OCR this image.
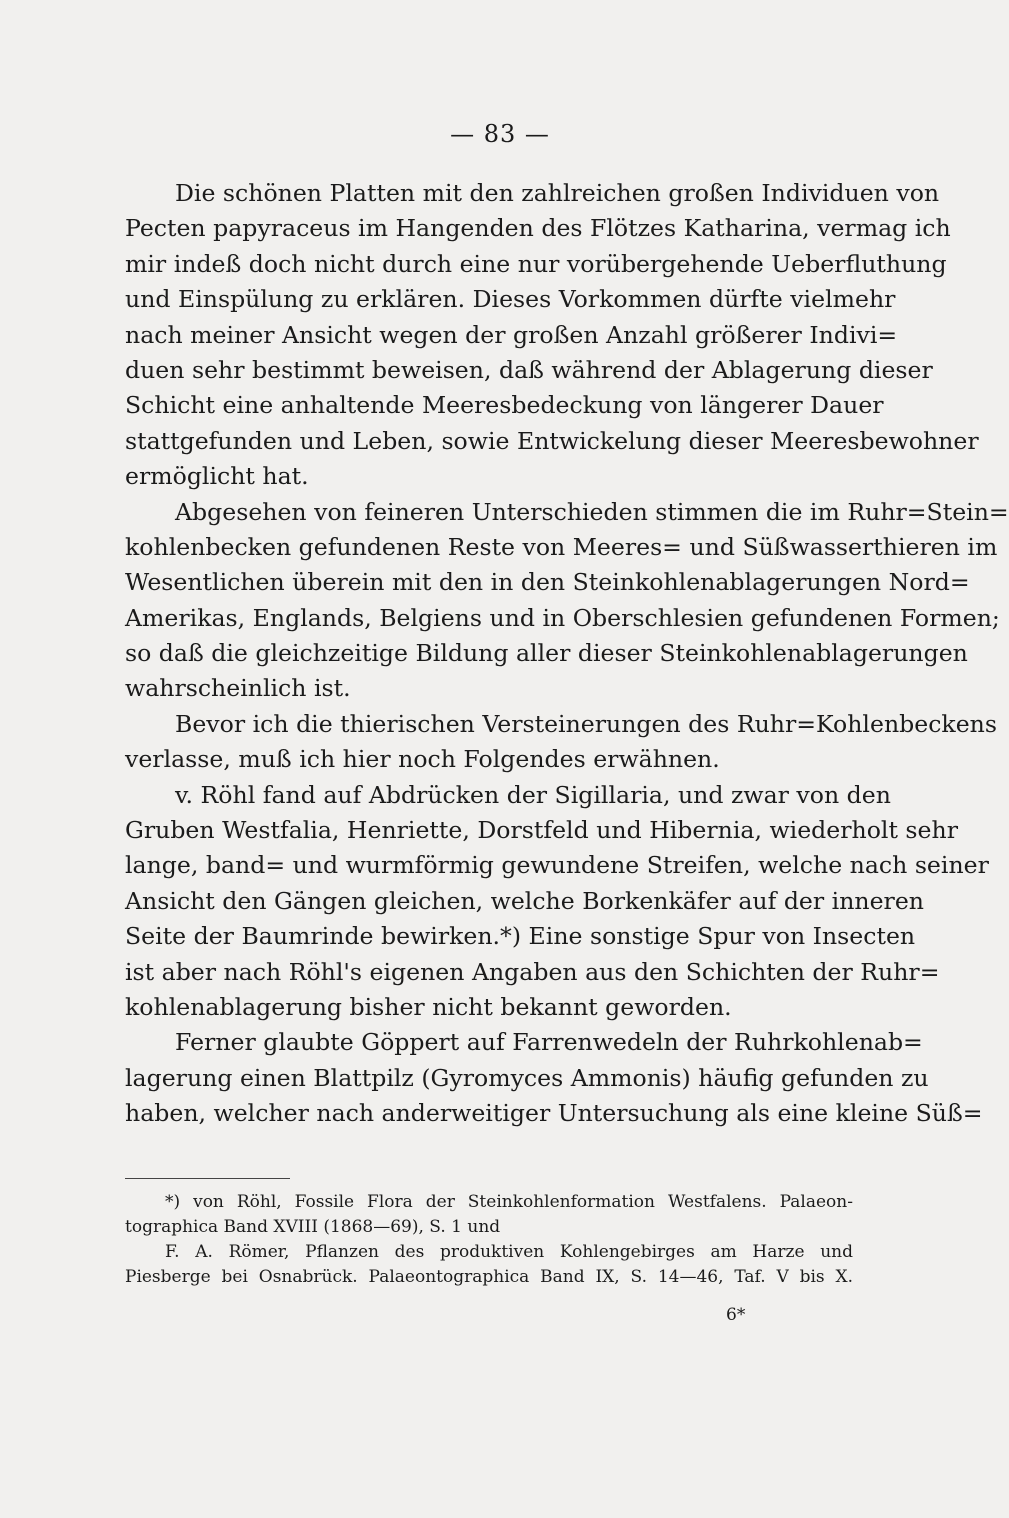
— 83 —

Die schönen Platten mit den zahlreichen großen Individuen von
Pecten papyraceus im Hangenden des Flötzes Katharina, vermag ich
mir indeß doch nicht durch eine nur vorübergehende Ueberfluthung
und Einspülung zu erklären. Dieses Vorkommen dürfte vielmehr
nach meiner Ansicht wegen der großen Anzahl größerer Indivi=
duen sehr bestimmt beweisen, daß während der Ablagerung dieser
Schicht eine anhaltende Meeresbedeckung von längerer Dauer
stattgefunden und Leben, sowie Entwickelung dieser Meeresbewohner
ermöglicht hat.

Abgesehen von feineren Unterschieden stimmen die im Ruhr=Stein=
kohlenbecken gefundenen Reste von Meeres= und Süßwasserthieren im
Wesentlichen überein mit den in den Steinkohlenablagerungen Nord=
Amerikas, Englands, Belgiens und in Oberschlesien gefundenen Formen;
so daß die gleichzeitige Bildung aller dieser Steinkohlenablagerungen
wahrscheinlich ist.

Bevor ich die thierischen Versteinerungen des Ruhr=Kohlenbeckens
verlasse, muß ich hier noch Folgendes erwähnen.

v. Röhl fand auf Abdrücken der Sigillaria, und zwar von den
Gruben Westfalia, Henriette, Dorstfeld und Hibernia, wiederholt sehr
lange, band= und wurmförmig gewundene Streifen, welche nach seiner
Ansicht den Gängen gleichen, welche Borkenkäfer auf der inneren
Seite der Baumrinde bewirken.*) Eine sonstige Spur von Insecten
ist aber nach Röhl's eigenen Angaben aus den Schichten der Ruhr=
kohlenablagerung bisher nicht bekannt geworden.

Ferner glaubte Göppert auf Farrenwedeln der Ruhrkohlenab=
lagerung einen Blattpilz (Gyromyces Ammonis) häufig gefunden zu
haben, welcher nach anderweitiger Untersuchung als eine kleine Süß=

*) von Röhl, Fossile Flora der Steinkohlenformation Westfalens. Palaeon-
tographica Band XVIII (1868—69), S. 1 und
F. A. Römer, Pflanzen des produktiven Kohlengebirges am Harze und
Piesberge bei Osnabrück. Palaeontographica Band IX, S. 14—46, Taf. V bis X.
6*
